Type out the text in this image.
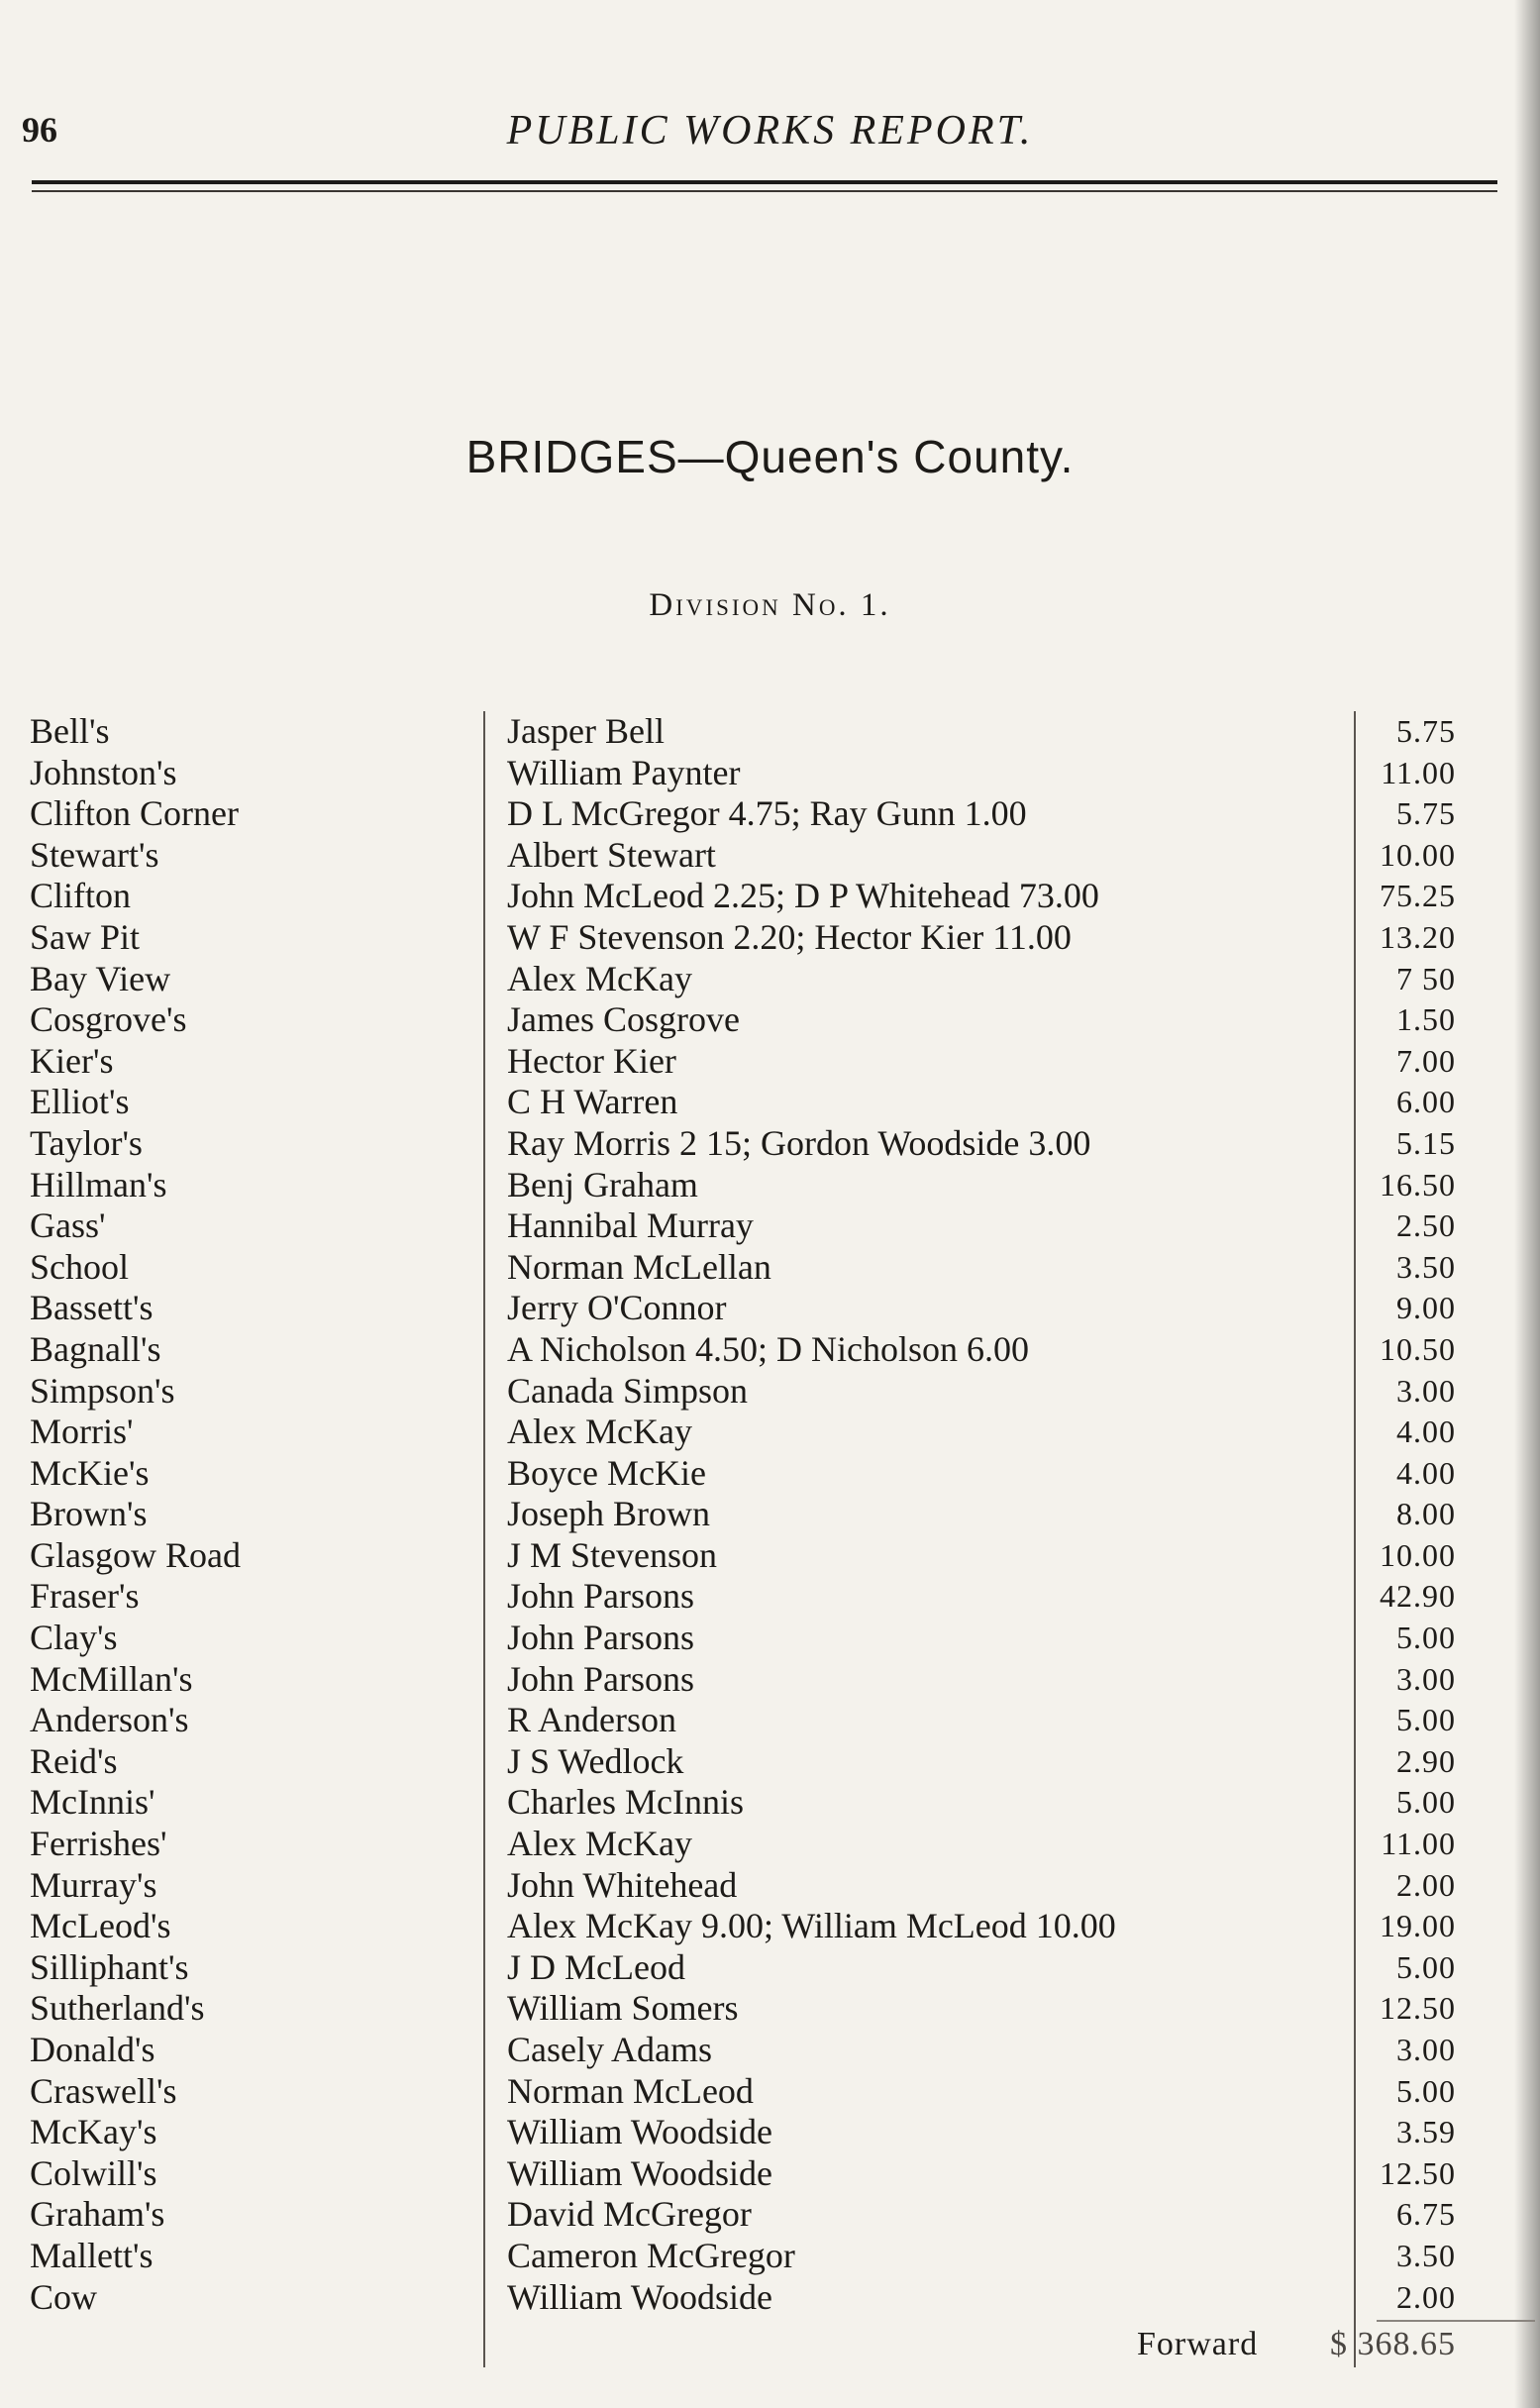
96	PUBLIC WORKS REPORT.
BRIDGES—Queen's County.
Division No. 1.
Bell's	Jasper Bell	5.75
Johnston's	William Paynter	11.00
Clifton Corner	D L McGregor 4.75; Ray Gunn 1.00	5.75
Stewart's	Albert Stewart	10.00
Clifton	John McLeod 2.25; D P Whitehead 73.00	75.25
Saw Pit	W F Stevenson 2.20; Hector Kier 11.00	13.20
Bay View	Alex McKay	7 50
Cosgrove's	James Cosgrove	1.50
Kier's	Hector Kier	7.00
Elliot's	C H Warren	6.00
Taylor's	Ray Morris 2 15; Gordon Woodside 3.00	5.15
Hillman's	Benj Graham	16.50
Gass'	Hannibal Murray	2.50
School	Norman McLellan	3.50
Bassett's	Jerry O'Connor	9.00
Bagnall's	A Nicholson 4.50; D Nicholson 6.00	10.50
Simpson's	Canada Simpson	3.00
Morris'	Alex McKay	4.00
McKie's	Boyce McKie	4.00
Brown's	Joseph Brown	8.00
Glasgow Road	J M Stevenson	10.00
Fraser's	John Parsons	42.90
Clay's	John Parsons	5.00
McMillan's	John Parsons	3.00
Anderson's	R Anderson	5.00
Reid's	J S Wedlock	2.90
McInnis'	Charles McInnis	5.00
Ferrishes'	Alex McKay	11.00
Murray's	John Whitehead	2.00
McLeod's	Alex McKay 9.00; William McLeod 10.00	19.00
Silliphant's	J D McLeod	5.00
Sutherland's	William Somers	12.50
Donald's	Casely Adams	3.00
Craswell's	Norman McLeod	5.00
McKay's	William Woodside	3.59
Colwill's	William Woodside	12.50
Graham's	David McGregor	6.75
Mallett's	Cameron McGregor	3.50
Cow	William Woodside	2.00
Forward $ 368.65
